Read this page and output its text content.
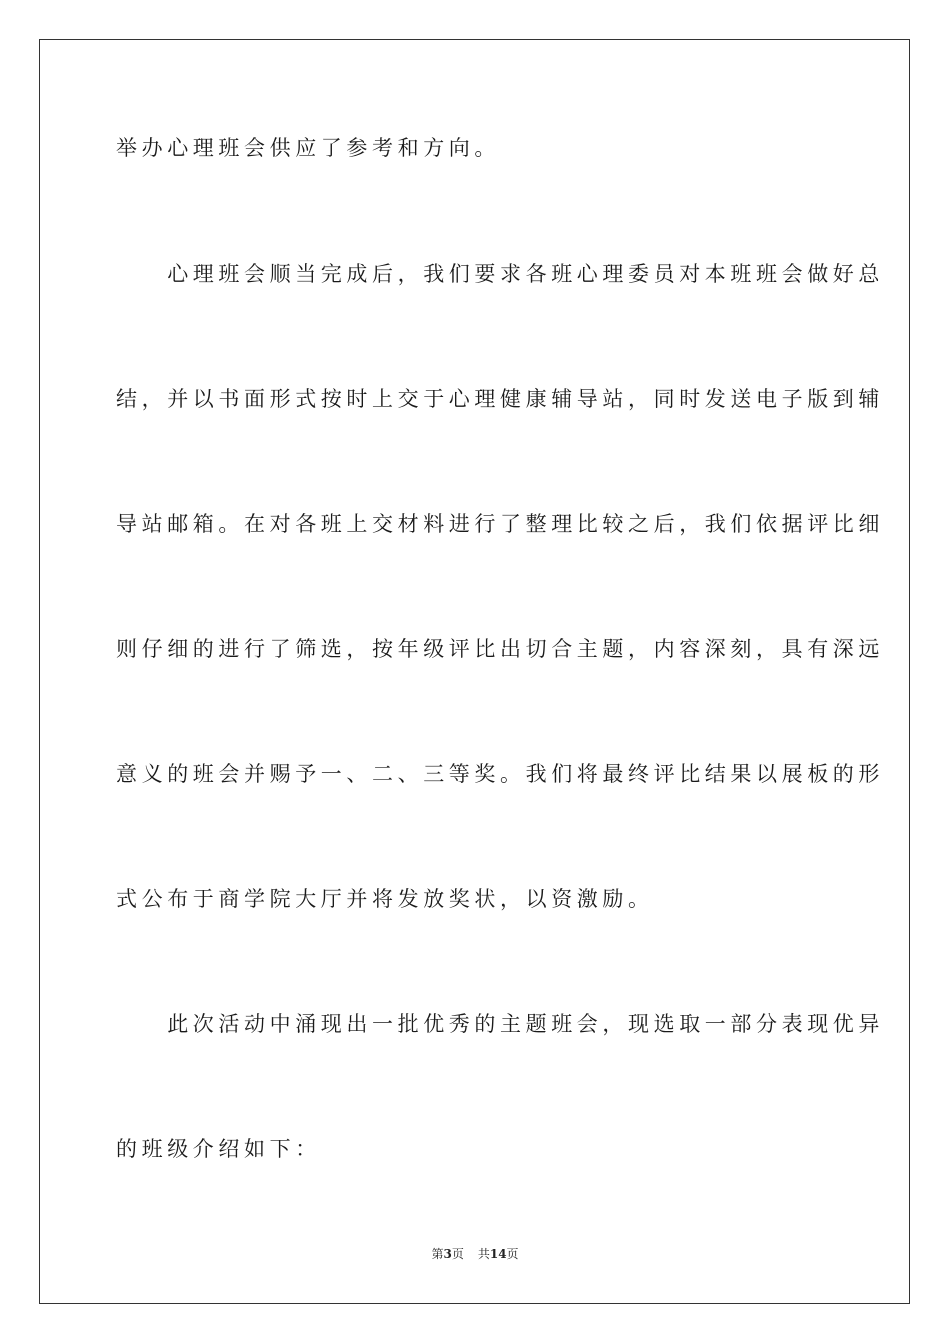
举办心理班会供应了参考和方向。
　　心理班会顺当完成后，我们要求各班心理委员对本班班会做好总
结，并以书面形式按时上交于心理健康辅导站，同时发送电子版到辅
导站邮箱。在对各班上交材料进行了整理比较之后，我们依据评比细
则仔细的进行了筛选，按年级评比出切合主题，内容深刻，具有深远
意义的班会并赐予一、二、三等奖。我们将最终评比结果以展板的形
式公布于商学院大厅并将发放奖状，以资激励。
　　此次活动中涌现出一批优秀的主题班会，现选取一部分表现优异
的班级介绍如下：
第3页 共14页
